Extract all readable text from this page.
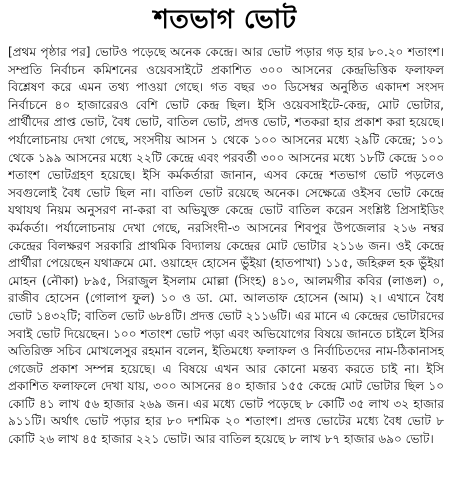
শতভাগ ভোট

[প্রথম পৃষ্ঠার পর] ভোটও পড়েছে অনেক কেন্দ্রে। আর ভোট পড়ার গড় হার ৮০.২০ শতাংশ। সম্প্রতি নির্বাচন কমিশনের ওয়েবসাইটে প্রকাশিত ৩০০ আসনের কেন্দ্রভিত্তিক ফলাফল বিশ্লেষণ করে এমন তথ্য পাওয়া গেছে। গত বছর ৩০ ডিসেম্বর অনুষ্ঠিত একাদশ সংসদ নির্বাচনে ৪০ হাজারেরও বেশি ভোট কেন্দ্র ছিল। ইসি ওয়েবসাইটে-কেন্দ্র, মোট ভোটার, প্রার্থীদের প্রাপ্ত ভোট, বৈধ ভোট, বাতিল ভোট, প্রদত্ত ভোট, শতকরা হার প্রকাশ করা হয়েছে। পর্যালোচনায় দেখা গেছে, সংসদীয় আসন ১ থেকে ১০০ আসনের মধ্যে ২৯টি কেন্দ্রে; ১০১ থেকে ১৯৯ আসনের মধ্যে ২২টি কেন্দ্রে এবং পরবর্তী ৩০০ আসনের মধ্যে ১৮টি কেন্দ্রে ১০০ শতাংশ ভোটগ্রহণ হয়েছে। ইসি কর্মকর্তারা জানান, এসব কেন্দ্রে শতভাগ ভোট পড়লেও সবগুলোই বৈধ ভোট ছিল না। বাতিল ভোট রয়েছে অনেক। সেক্ষেত্রে ওইসব ভোট কেন্দ্রে যথাযথ নিয়ম অনুসরণ না-করা বা অভিযুক্ত কেন্দ্রে ভোট বাতিল করেন সংশ্লিষ্ট প্রিসাইডিং কর্মকর্তা। পর্যালোচনায় দেখা গেছে, নরসিংদী-৩ আসনের শিবপুর উপজেলার ২১৬ নম্বর কেন্দ্রের বিলক্ষরণ সরকারি প্রাথমিক বিদ্যালয় কেন্দ্রের মোট ভোটার ২১১৬ জন। ওই কেন্দ্রে প্রার্থীরা পেয়েছেন যথাক্রমে মো. ওয়াহেদ হোসেন ভুঁইয়া (হাতপাখা) ১১৫, জহিরুল হক ভুঁইয়া মোহন (নৌকা) ৮৯৫, সিরাজুল ইসলাম মোল্লা (সিংহ) ৪১০, আলমগীর কবির (লাঙল) ০, রাজীব হোসেন (গোলাপ ফুল) ১০ ও ডা. মো. আলতাফ হোসেন (আম) ২। এখানে বৈধ ভোট ১৪৩২টি; বাতিল ভোট ৬৮৪টি। প্রদত্ত ভোট ২১১৬টি। এর মানে এ কেন্দ্রের ভোটারদের সবাই ভোট দিয়েছেন। ১০০ শতাংশ ভোট পড়া এবং অভিযোগের বিষয়ে জানতে চাইলে ইসির অতিরিক্ত সচিব মোখলেসুর রহমান বলেন, ইতিমধ্যে ফলাফল ও নির্বাচিতদের নাম-ঠিকানাসহ গেজেট প্রকাশ সম্পন্ন হয়েছে। এ বিষয়ে এখন আর কোনো মন্তব্য করতে চাই না। ইসি প্রকাশিত ফলাফলে দেখা যায়, ৩০০ আসনের ৪০ হাজার ১৫৫ কেন্দ্রে মোট ভোটার ছিল ১০ কোটি ৪১ লাখ ৫৬ হাজার ২৬৯ জন। এর মধ্যে ভোট পড়েছে ৮ কোটি ৩৫ লাখ ৩২ হাজার ৯১১টি। অর্থাৎ ভোট পড়ার হার ৮০ দশমিক ২০ শতাংশ। প্রদত্ত ভোটের মধ্যে বৈধ ভোট ৮ কোটি ২৬ লাখ ৪৫ হাজার ২২১ ভোট। আর বাতিল হয়েছে ৮ লাখ ৮৭ হাজার ৬৯০ ভোট।
